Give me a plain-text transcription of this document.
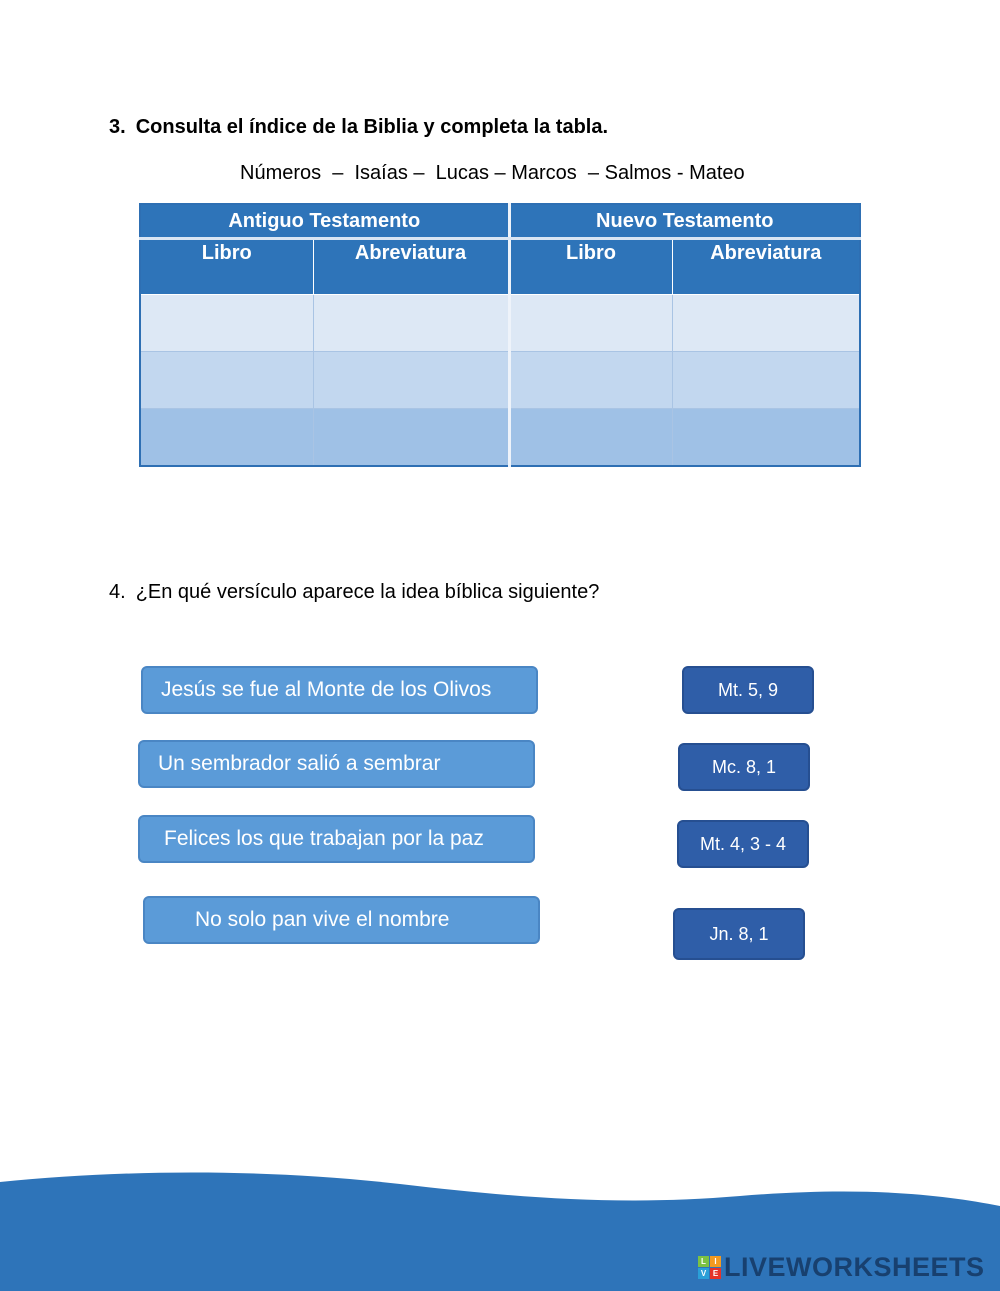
3. Consulta el índice de la Biblia y completa la tabla.
Números  –  Isaías –  Lucas – Marcos  – Salmos - Mateo
Antiguo Testamento		Nuevo Testamento	
Libro	Abreviatura	Libro	Abreviatura

4. ¿En qué versículo aparece la idea bíblica siguiente?
Jesús se fue al Monte de los Olivos
Un sembrador salió a sembrar
Felices los que trabajan por la paz
No solo pan vive el nombre
Mt. 5, 9
Mc. 8, 1
Mt. 4, 3 - 4
Jn. 8, 1
L	I
V E LIVEWORKSHEETS
